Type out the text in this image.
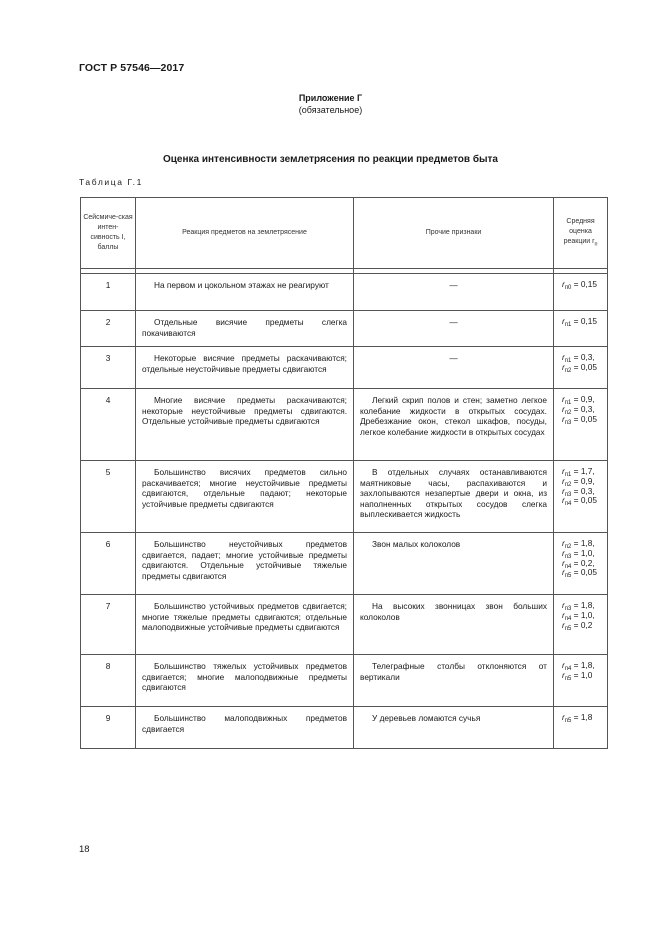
ГОСТ Р 57546—2017
Приложение Г
(обязательное)
Оценка интенсивности землетрясения по реакции предметов быта
Таблица Г.1
Сейсмиче-ская интен-сивность I, баллы	Реакция предметов на землетрясение	Прочие признаки	Средняя оценка реакции $r_п$

1	На первом и цокольном этажах не реагируют	—	$r_{п0} = 0,15$

2	Отдельные висячие предметы слегка покачиваются	—	$r_{п1} = 0,15$

3	Некоторые висячие предметы раскачиваются; отдельные неустойчивые предметы сдвигаются	—	$r_{п1} = 0,3$,
$r_{п2} = 0,05$

4	Многие висячие предметы раскачиваются; некоторые неустойчивые предметы сдвигаются. Отдельные устойчивые предметы сдвигаются	Легкий скрип полов и стен; заметно легкое колебание жидкости в открытых сосудах. Дребезжание окон, стекол шкафов, посуды, легкое колебание жидкости в открытых сосудах	$r_{п1} = 0,9$,
$r_{п2} = 0,3$,
$r_{п3} = 0,05$

5	Большинство висячих предметов сильно раскачивается; многие неустойчивые предметы сдвигаются, отдельные падают; некоторые устойчивые предметы сдвигаются	В отдельных случаях останавливаются маятниковые часы, распахиваются и захлопываются незапертые двери и окна, из наполненных открытых сосудов слегка выплескивается жидкость	$r_{п1} = 1,7$,
$r_{п2} = 0,9$,
$r_{п3} = 0,3$,
$r_{п4} = 0,05$

6	Большинство неустойчивых предметов сдвигается, падает; многие устойчивые предметы сдвигаются. Отдельные устойчивые тяжелые предметы сдвигаются	Звон малых колоколов	$r_{п2} = 1,8$,
$r_{п3} = 1,0$,
$r_{п4} = 0,2$,
$r_{п5} = 0,05$

7	Большинство устойчивых предметов сдвигается; многие тяжелые предметы сдвигаются; отдельные малоподвижные устойчивые предметы сдвигаются	На высоких звонницах звон больших колоколов	$r_{п3} = 1,8$,
$r_{п4} = 1,0$,
$r_{п5} = 0,2$

8	Большинство тяжелых устойчивых предметов сдвигается; многие малоподвижные предметы сдвигаются	Телеграфные столбы отклоняются от вертикали	$r_{п4} = 1,8$,
$r_{п5} = 1,0$

9	Большинство малоподвижных предметов сдвигается	У деревьев ломаются сучья	$r_{п5} = 1,8$
18
